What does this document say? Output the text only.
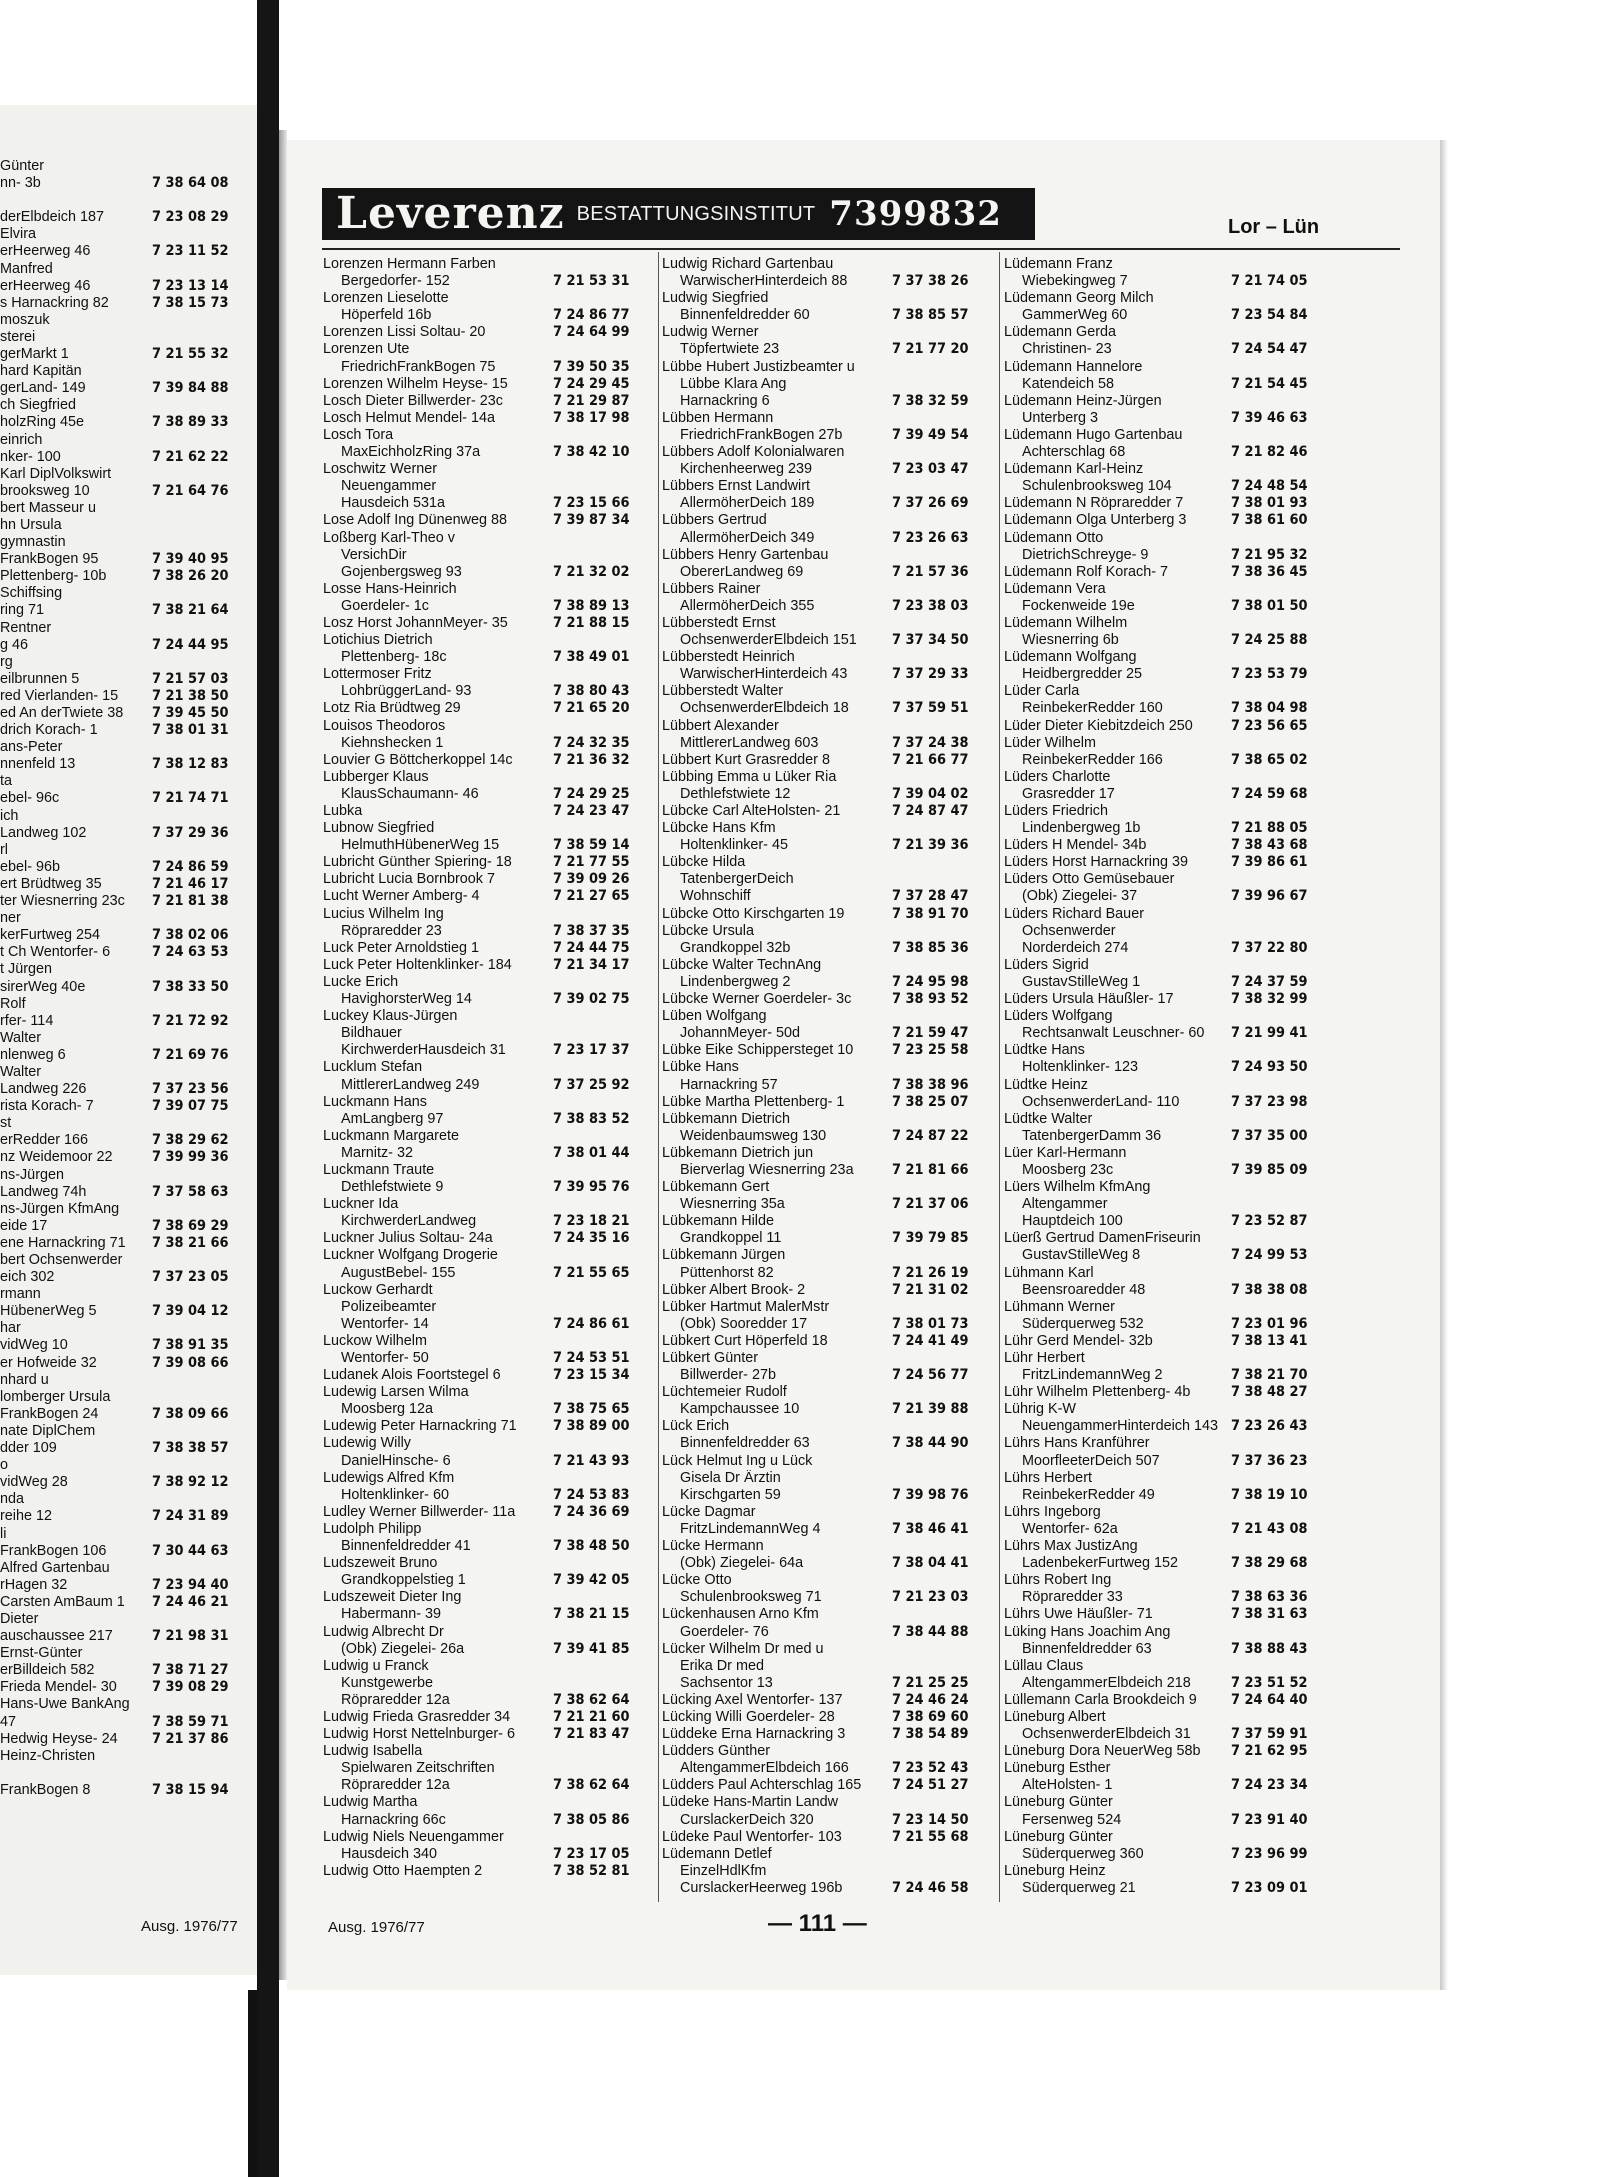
Günter
nn- 3b	7 38 64 08
derElbdeich 187	7 23 08 29
Elvira
erHeerweg 46	7 23 11 52
Manfred
erHeerweg 46	7 23 13 14
s Harnackring 82	7 38 15 73
moszuk
sterei
gerMarkt 1	7 21 55 32
hard Kapitän
gerLand- 149	7 39 84 88
ch Siegfried
holzRing 45e	7 38 89 33
einrich
nker- 100	7 21 62 22
Karl DiplVolkswirt
brooksweg 10	7 21 64 76
bert Masseur u
hn Ursula
gymnastin
FrankBogen 95	7 39 40 95
Plettenberg- 10b	7 38 26 20
Schiffsing
ring 71	7 38 21 64
Rentner
g 46	7 24 44 95
rg
eilbrunnen 5	7 21 57 03
red Vierlanden- 15	7 21 38 50
ed An derTwiete 38	7 39 45 50
drich Korach- 1	7 38 01 31
ans-Peter
nnenfeld 13	7 38 12 83
ta
ebel- 96c	7 21 74 71
ich
Landweg 102	7 37 29 36
rl
ebel- 96b	7 24 86 59
ert Brüdtweg 35	7 21 46 17
ter Wiesnerring 23c	7 21 81 38
ner
kerFurtweg 254	7 38 02 06
t Ch Wentorfer- 6	7 24 63 53
t Jürgen
sirerWeg 40e	7 38 33 50
Rolf
rfer- 114	7 21 72 92
Walter
nlenweg 6	7 21 69 76
Walter
Landweg 226	7 37 23 56
rista Korach- 7	7 39 07 75
st
erRedder 166	7 38 29 62
nz Weidemoor 22	7 39 99 36
ns-Jürgen
Landweg 74h	7 37 58 63
ns-Jürgen KfmAng
eide 17	7 38 69 29
ene Harnackring 71	7 38 21 66
bert Ochsenwerder
eich 302	7 37 23 05
rmann
HübenerWeg 5	7 39 04 12
har
vidWeg 10	7 38 91 35
er Hofweide 32	7 39 08 66
nhard u
lomberger Ursula
FrankBogen 24	7 38 09 66
nate DiplChem
dder 109	7 38 38 57
o
vidWeg 28	7 38 92 12
nda
reihe 12	7 24 31 89
li
FrankBogen 106	7 30 44 63
Alfred Gartenbau
rHagen 32	7 23 94 40
Carsten AmBaum 1	7 24 46 21
Dieter
auschaussee 217	7 21 98 31
Ernst-Günter
erBilldeich 582	7 38 71 27
Frieda Mendel- 30	7 39 08 29
Hans-Uwe BankAng
47	7 38 59 71
Hedwig Heyse- 24	7 21 37 86
Heinz-Christen
FrankBogen 8	7 38 15 94
Ausg. 1976/77
Leverenz BESTATTUNGSINSTITUT 7399832	Lor – Lün
Lorenzen Hermann Farben
Bergedorfer- 152	7 21 53 31
Lorenzen Lieselotte
Höperfeld 16b	7 24 86 77
Lorenzen Lissi Soltau- 20	7 24 64 99
Lorenzen Ute
FriedrichFrankBogen 75	7 39 50 35
Lorenzen Wilhelm Heyse- 15	7 24 29 45
Losch Dieter Billwerder- 23c	7 21 29 87
Losch Helmut Mendel- 14a	7 38 17 98
Losch Tora
MaxEichholzRing 37a	7 38 42 10
Loschwitz Werner
Neuengammer
Hausdeich 531a	7 23 15 66
Lose Adolf Ing Dünenweg 88	7 39 87 34
Loßberg Karl-Theo v
VersichDir
Gojenbergsweg 93	7 21 32 02
Losse Hans-Heinrich
Goerdeler- 1c	7 38 89 13
Losz Horst JohannMeyer- 35	7 21 88 15
Lotichius Dietrich
Plettenberg- 18c	7 38 49 01
Lottermoser Fritz
LohbrüggerLand- 93	7 38 80 43
Lotz Ria Brüdtweg 29	7 21 65 20
Louisos Theodoros
Kiehnshecken 1	7 24 32 35
Louvier G Böttcherkoppel 14c	7 21 36 32
Lubberger Klaus
KlausSchaumann- 46	7 24 29 25
Lubka	7 24 23 47
Lubnow Siegfried
HelmuthHübenerWeg 15	7 38 59 14
Lubricht Günther Spiering- 18	7 21 77 55
Lubricht Lucia Bornbrook 7	7 39 09 26
Lucht Werner Amberg- 4	7 21 27 65
Lucius Wilhelm Ing
Röpraredder 23	7 38 37 35
Luck Peter Arnoldstieg 1	7 24 44 75
Luck Peter Holtenklinker- 184	7 21 34 17
Lucke Erich
HavighorsterWeg 14	7 39 02 75
Luckey Klaus-Jürgen
Bildhauer
KirchwerderHausdeich 31	7 23 17 37
Lucklum Stefan
MittlererLandweg 249	7 37 25 92
Luckmann Hans
AmLangberg 97	7 38 83 52
Luckmann Margarete
Marnitz- 32	7 38 01 44
Luckmann Traute
Dethlefstwiete 9	7 39 95 76
Luckner Ida
KirchwerderLandweg	7 23 18 21
Luckner Julius Soltau- 24a	7 24 35 16
Luckner Wolfgang Drogerie
AugustBebel- 155	7 21 55 65
Luckow Gerhardt
Polizeibeamter
Wentorfer- 14	7 24 86 61
Luckow Wilhelm
Wentorfer- 50	7 24 53 51
Ludanek Alois Foortstegel 6	7 23 15 34
Ludewig Larsen Wilma
Moosberg 12a	7 38 75 65
Ludewig Peter Harnackring 71	7 38 89 00
Ludewig Willy
DanielHinsche- 6	7 21 43 93
Ludewigs Alfred Kfm
Holtenklinker- 60	7 24 53 83
Ludley Werner Billwerder- 11a	7 24 36 69
Ludolph Philipp
Binnenfeldredder 41	7 38 48 50
Ludszeweit Bruno
Grandkoppelstieg 1	7 39 42 05
Ludszeweit Dieter Ing
Habermann- 39	7 38 21 15
Ludwig Albrecht Dr
(Obk) Ziegelei- 26a	7 39 41 85
Ludwig u Franck
Kunstgewerbe
Röpraredder 12a	7 38 62 64
Ludwig Frieda Grasredder 34	7 21 21 60
Ludwig Horst Nettelnburger- 6	7 21 83 47
Ludwig Isabella
Spielwaren Zeitschriften
Röpraredder 12a	7 38 62 64
Ludwig Martha
Harnackring 66c	7 38 05 86
Ludwig Niels Neuengammer
Hausdeich 340	7 23 17 05
Ludwig Otto Haempten 2	7 38 52 81
Ludwig Richard Gartenbau
WarwischerHinterdeich 88	7 37 38 26
Ludwig Siegfried
Binnenfeldredder 60	7 38 85 57
Ludwig Werner
Töpfertwiete 23	7 21 77 20
Lübbe Hubert Justizbeamter u
Lübbe Klara Ang
Harnackring 6	7 38 32 59
Lübben Hermann
FriedrichFrankBogen 27b	7 39 49 54
Lübbers Adolf Kolonialwaren
Kirchenheerweg 239	7 23 03 47
Lübbers Ernst Landwirt
AllermöherDeich 189	7 37 26 69
Lübbers Gertrud
AllermöherDeich 349	7 23 26 63
Lübbers Henry Gartenbau
ObererLandweg 69	7 21 57 36
Lübbers Rainer
AllermöherDeich 355	7 23 38 03
Lübberstedt Ernst
OchsenwerderElbdeich 151	7 37 34 50
Lübberstedt Heinrich
WarwischerHinterdeich 43	7 37 29 33
Lübberstedt Walter
OchsenwerderElbdeich 18	7 37 59 51
Lübbert Alexander
MittlererLandweg 603	7 37 24 38
Lübbert Kurt Grasredder 8	7 21 66 77
Lübbing Emma u Lüker Ria
Dethlefstwiete 12	7 39 04 02
Lübcke Carl AlteHolsten- 21	7 24 87 47
Lübcke Hans Kfm
Holtenklinker- 45	7 21 39 36
Lübcke Hilda
TatenbergerDeich
Wohnschiff	7 37 28 47
Lübcke Otto Kirschgarten 19	7 38 91 70
Lübcke Ursula
Grandkoppel 32b	7 38 85 36
Lübcke Walter TechnAng
Lindenbergweg 2	7 24 95 98
Lübcke Werner Goerdeler- 3c	7 38 93 52
Lüben Wolfgang
JohannMeyer- 50d	7 21 59 47
Lübke Eike Schippersteget 10	7 23 25 58
Lübke Hans
Harnackring 57	7 38 38 96
Lübke Martha Plettenberg- 1	7 38 25 07
Lübkemann Dietrich
Weidenbaumsweg 130	7 24 87 22
Lübkemann Dietrich jun
Bierverlag Wiesnerring 23a	7 21 81 66
Lübkemann Gert
Wiesnerring 35a	7 21 37 06
Lübkemann Hilde
Grandkoppel 11	7 39 79 85
Lübkemann Jürgen
Püttenhorst 82	7 21 26 19
Lübker Albert Brook- 2	7 21 31 02
Lübker Hartmut MalerMstr
(Obk) Sooredder 17	7 38 01 73
Lübkert Curt Höperfeld 18	7 24 41 49
Lübkert Günter
Billwerder- 27b	7 24 56 77
Lüchtemeier Rudolf
Kampchaussee 10	7 21 39 88
Lück Erich
Binnenfeldredder 63	7 38 44 90
Lück Helmut Ing u Lück
Gisela Dr Ärztin
Kirschgarten 59	7 39 98 76
Lücke Dagmar
FritzLindemannWeg 4	7 38 46 41
Lücke Hermann
(Obk) Ziegelei- 64a	7 38 04 41
Lücke Otto
Schulenbrooksweg 71	7 21 23 03
Lückenhausen Arno Kfm
Goerdeler- 76	7 38 44 88
Lücker Wilhelm Dr med u
Erika Dr med
Sachsentor 13	7 21 25 25
Lücking Axel Wentorfer- 137	7 24 46 24
Lücking Willi Goerdeler- 28	7 38 69 60
Lüddeke Erna Harnackring 3	7 38 54 89
Lüdders Günther
AltengammerElbdeich 166	7 23 52 43
Lüdders Paul Achterschlag 165	7 24 51 27
Lüdeke Hans-Martin Landw
CurslackerDeich 320	7 23 14 50
Lüdeke Paul Wentorfer- 103	7 21 55 68
Lüdemann Detlef
EinzelHdlKfm
CurslackerHeerweg 196b	7 24 46 58
Lüdemann Franz
Wiebekingweg 7	7 21 74 05
Lüdemann Georg Milch
GammerWeg 60	7 23 54 84
Lüdemann Gerda
Christinen- 23	7 24 54 47
Lüdemann Hannelore
Katendeich 58	7 21 54 45
Lüdemann Heinz-Jürgen
Unterberg 3	7 39 46 63
Lüdemann Hugo Gartenbau
Achterschlag 68	7 21 82 46
Lüdemann Karl-Heinz
Schulenbrooksweg 104	7 24 48 54
Lüdemann N Röpraredder 7	7 38 01 93
Lüdemann Olga Unterberg 3	7 38 61 60
Lüdemann Otto
DietrichSchreyge- 9	7 21 95 32
Lüdemann Rolf Korach- 7	7 38 36 45
Lüdemann Vera
Fockenweide 19e	7 38 01 50
Lüdemann Wilhelm
Wiesnerring 6b	7 24 25 88
Lüdemann Wolfgang
Heidbergredder 25	7 23 53 79
Lüder Carla
ReinbekerRedder 160	7 38 04 98
Lüder Dieter Kiebitzdeich 250	7 23 56 65
Lüder Wilhelm
ReinbekerRedder 166	7 38 65 02
Lüders Charlotte
Grasredder 17	7 24 59 68
Lüders Friedrich
Lindenbergweg 1b	7 21 88 05
Lüders H Mendel- 34b	7 38 43 68
Lüders Horst Harnackring 39	7 39 86 61
Lüders Otto Gemüsebauer
(Obk) Ziegelei- 37	7 39 96 67
Lüders Richard Bauer
Ochsenwerder
Norderdeich 274	7 37 22 80
Lüders Sigrid
GustavStilleWeg 1	7 24 37 59
Lüders Ursula Häußler- 17	7 38 32 99
Lüders Wolfgang
Rechtsanwalt Leuschner- 60	7 21 99 41
Lüdtke Hans
Holtenklinker- 123	7 24 93 50
Lüdtke Heinz
OchsenwerderLand- 110	7 37 23 98
Lüdtke Walter
TatenbergerDamm 36	7 37 35 00
Lüer Karl-Hermann
Moosberg 23c	7 39 85 09
Lüers Wilhelm KfmAng
Altengammer
Hauptdeich 100	7 23 52 87
Lüerß Gertrud DamenFriseurin
GustavStilleWeg 8	7 24 99 53
Lühmann Karl
Beensroaredder 48	7 38 38 08
Lühmann Werner
Süderquerweg 532	7 23 01 96
Lühr Gerd Mendel- 32b	7 38 13 41
Lühr Herbert
FritzLindemannWeg 2	7 38 21 70
Lühr Wilhelm Plettenberg- 4b	7 38 48 27
Lührig K-W
NeuengammerHinterdeich 143 7 23 26 43
Lührs Hans Kranführer
MoorfleeterDeich 507	7 37 36 23
Lührs Herbert
ReinbekerRedder 49	7 38 19 10
Lührs Ingeborg
Wentorfer- 62a	7 21 43 08
Lührs Max JustizAng
LadenbekerFurtweg 152	7 38 29 68
Lührs Robert Ing
Röpraredder 33	7 38 63 36
Lührs Uwe Häußler- 71	7 38 31 63
Lüking Hans Joachim Ang
Binnenfeldredder 63	7 38 88 43
Lüllau Claus
AltengammerElbdeich 218	7 23 51 52
Lüllemann Carla Brookdeich 9	7 24 64 40
Lüneburg Albert
OchsenwerderElbdeich 31	7 37 59 91
Lüneburg Dora NeuerWeg 58b	7 21 62 95
Lüneburg Esther
AlteHolsten- 1	7 24 23 34
Lüneburg Günter
Fersenweg 524	7 23 91 40
Lüneburg Günter
Süderquerweg 360	7 23 96 99
Lüneburg Heinz
Süderquerweg 21	7 23 09 01
Ausg. 1976/77	— 111 —
